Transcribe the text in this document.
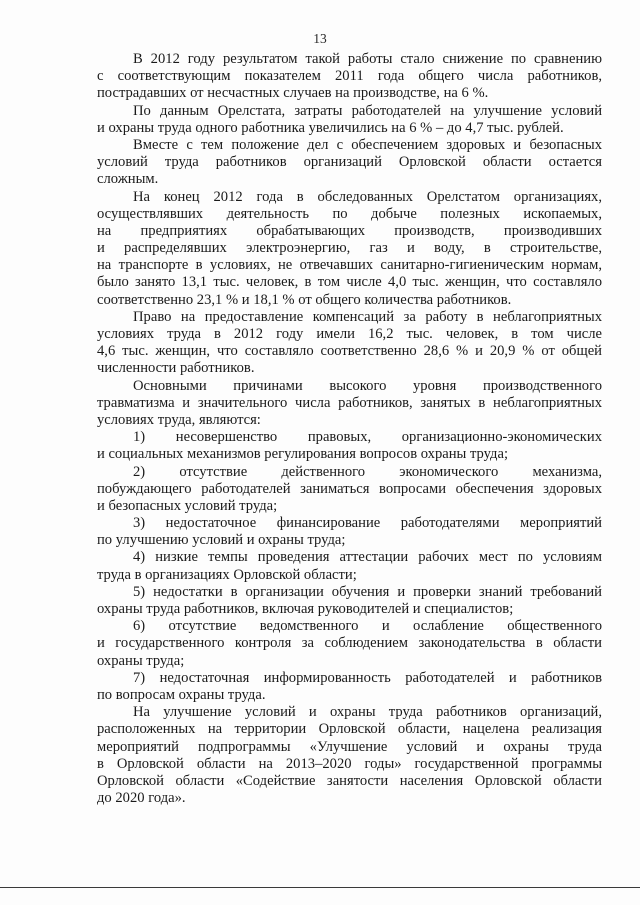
13
В 2012 году результатом такой работы стало снижение по сравнению
с соответствующим показателем 2011 года общего числа работников,
пострадавших от несчастных случаев на производстве, на 6 %.
По данным Орелстата, затраты работодателей на улучшение условий
и охраны труда одного работника увеличились на 6 % – до 4,7 тыс. рублей.
Вместе с тем положение дел с обеспечением здоровых и безопасных
условий труда работников организаций Орловской области остается
сложным.
На конец 2012 года в обследованных Орелстатом организациях,
осуществлявших деятельность по добыче полезных ископаемых,
на предприятиях обрабатывающих производств, производивших
и распределявших электроэнергию, газ и воду, в строительстве,
на транспорте в условиях, не отвечавших санитарно-гигиеническим нормам,
было занято 13,1 тыс. человек, в том числе 4,0 тыс. женщин, что составляло
соответственно 23,1 % и 18,1 % от общего количества работников.
Право на предоставление компенсаций за работу в неблагоприятных
условиях труда в 2012 году имели 16,2 тыс. человек, в том числе
4,6 тыс. женщин, что составляло соответственно 28,6 % и 20,9 % от общей
численности работников.
Основными причинами высокого уровня производственного
травматизма и значительного числа работников, занятых в неблагоприятных
условиях труда, являются:
1) несовершенство правовых, организационно-экономических
и социальных механизмов регулирования вопросов охраны труда;
2) отсутствие действенного экономического механизма,
побуждающего работодателей заниматься вопросами обеспечения здоровых
и безопасных условий труда;
3) недостаточное финансирование работодателями мероприятий
по улучшению условий и охраны труда;
4) низкие темпы проведения аттестации рабочих мест по условиям
труда в организациях Орловской области;
5) недостатки в организации обучения и проверки знаний требований
охраны труда работников, включая руководителей и специалистов;
6) отсутствие ведомственного и ослабление общественного
и государственного контроля за соблюдением законодательства в области
охраны труда;
7) недостаточная информированность работодателей и работников
по вопросам охраны труда.
На улучшение условий и охраны труда работников организаций,
расположенных на территории Орловской области, нацелена реализация
мероприятий подпрограммы «Улучшение условий и охраны труда
в Орловской области на 2013–2020 годы» государственной программы
Орловской области «Содействие занятости населения Орловской области
до 2020 года».
